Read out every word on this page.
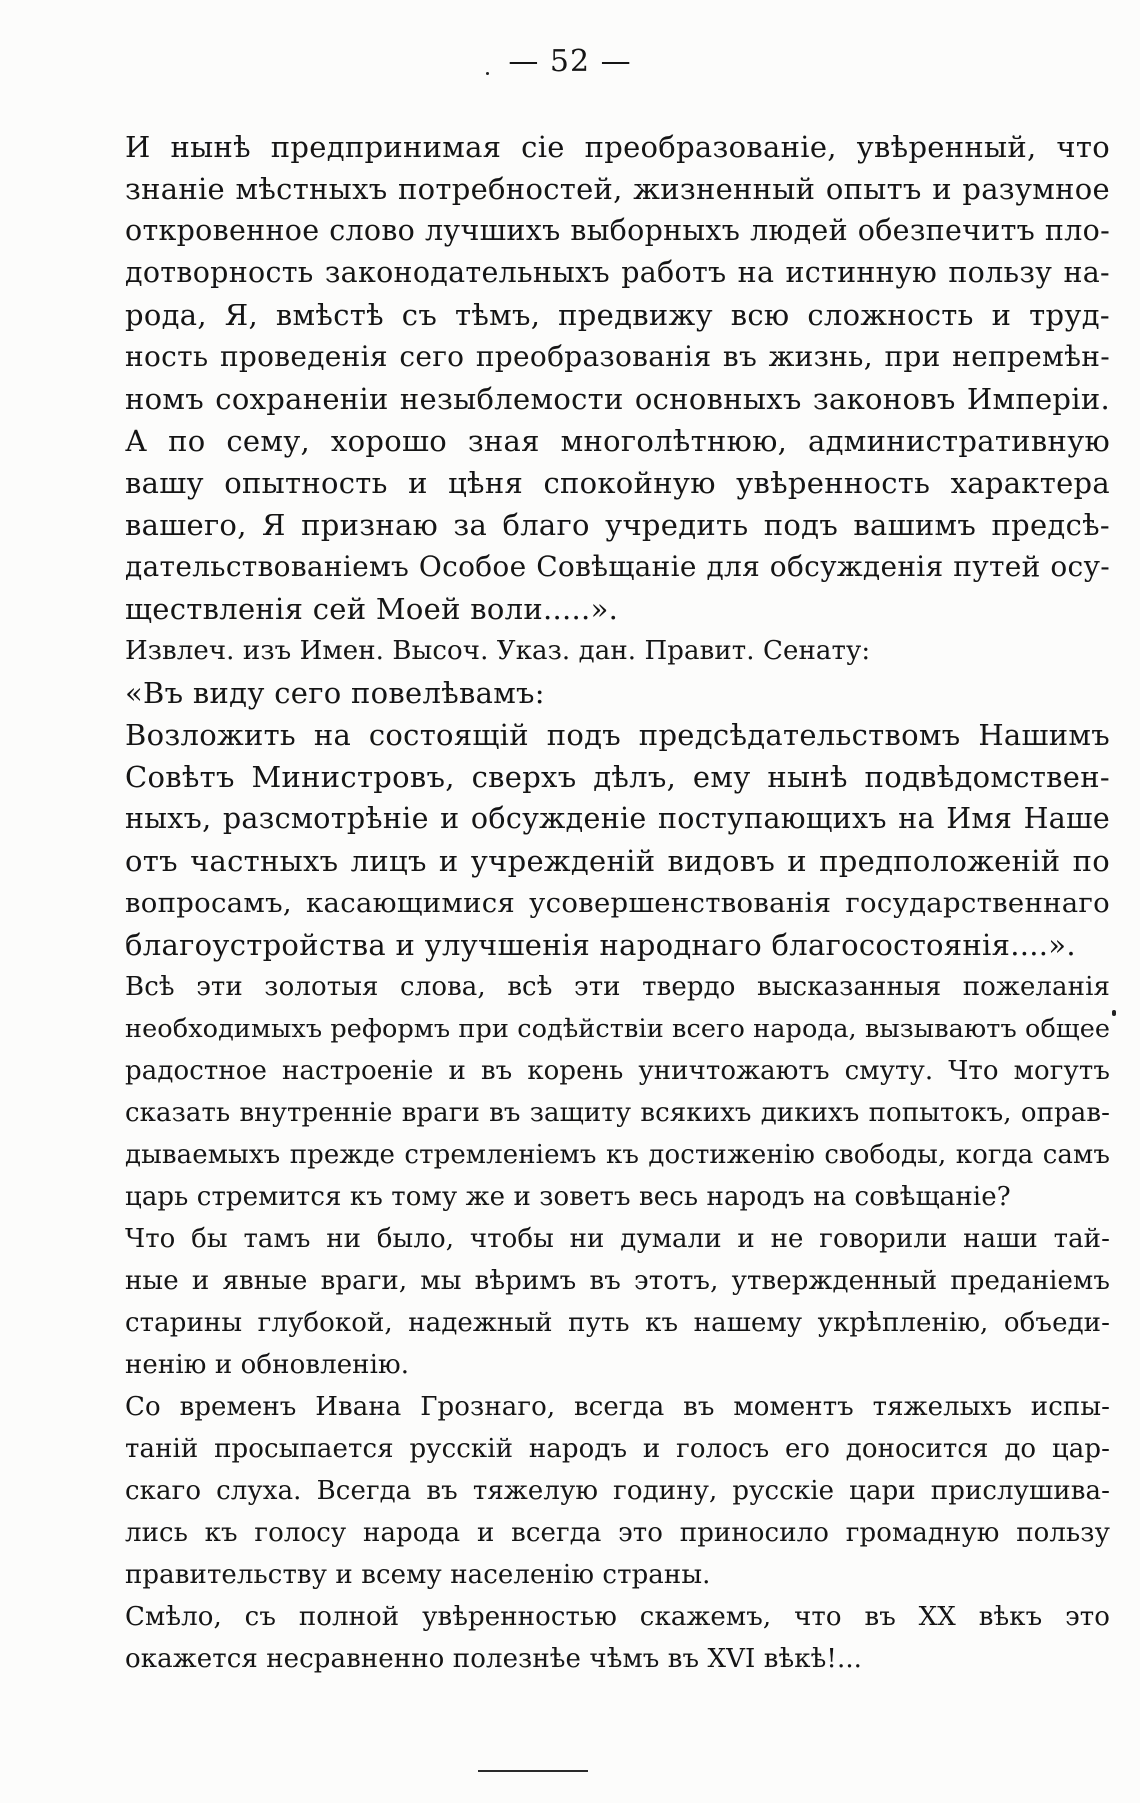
— 52 —
И нынѣ предпринимая сіе преобразованіе, увѣренный, что
знаніе мѣстныхъ потребностей, жизненный опытъ и разумное
откровенное слово лучшихъ выборныхъ людей обезпечитъ пло-
дотворность законодательныхъ работъ на истинную пользу на-
рода, Я, вмѣстѣ съ тѣмъ, предвижу всю сложность и труд-
ность проведенія сего преобразованія въ жизнь, при непремѣн-
номъ сохраненіи незыблемости основныхъ законовъ Имперіи.
А по сему, хорошо зная многолѣтнюю, административную
вашу опытность и цѣня спокойную увѣренность характера
вашего, Я признаю за благо учредить подъ вашимъ предсѣ-
дательствованіемъ Особое Совѣщаніе для обсужденія путей осу-
ществленія сей Моей воли.....».
Извлеч. изъ Имен. Высоч. Указ. дан. Правит. Сенату:
«Въ виду сего повелѣвамъ:
Возложить на состоящій подъ предсѣдательствомъ Нашимъ
Совѣтъ Министровъ, сверхъ дѣлъ, ему нынѣ подвѣдомствен-
ныхъ, разсмотрѣніе и обсужденіе поступающихъ на Имя Наше
отъ частныхъ лицъ и учрежденій видовъ и предположеній по
вопросамъ, касающимися усовершенствованія государственнаго
благоустройства и улучшенія народнаго благосостоянія....».
Всѣ эти золотыя слова, всѣ эти твердо высказанныя пожеланія
необходимыхъ реформъ при содѣйствіи всего народа, вызываютъ общее
радостное настроеніе и въ корень уничтожаютъ смуту. Что могутъ
сказать внутренніе враги въ защиту всякихъ дикихъ попытокъ, оправ-
дываемыхъ прежде стремленіемъ къ достиженію свободы, когда самъ
царь стремится къ тому же и зоветъ весь народъ на совѣщаніе?
Что бы тамъ ни было, чтобы ни думали и не говорили наши тай-
ные и явные враги, мы вѣримъ въ этотъ, утвержденный преданіемъ
старины глубокой, надежный путь къ нашему укрѣпленію, объеди-
ненію и обновленію.
Со временъ Ивана Грознаго, всегда въ моментъ тяжелыхъ испы-
таній просыпается русскій народъ и голосъ его доносится до цар-
скаго слуха. Всегда въ тяжелую годину, русскіе цари прислушива-
лись къ голосу народа и всегда это приносило громадную пользу
правительству и всему населенію страны.
Смѣло, съ полной увѣренностью скажемъ, что въ XX вѣкъ это
окажется несравненно полезнѣе чѣмъ въ XVI вѣкѣ!...
